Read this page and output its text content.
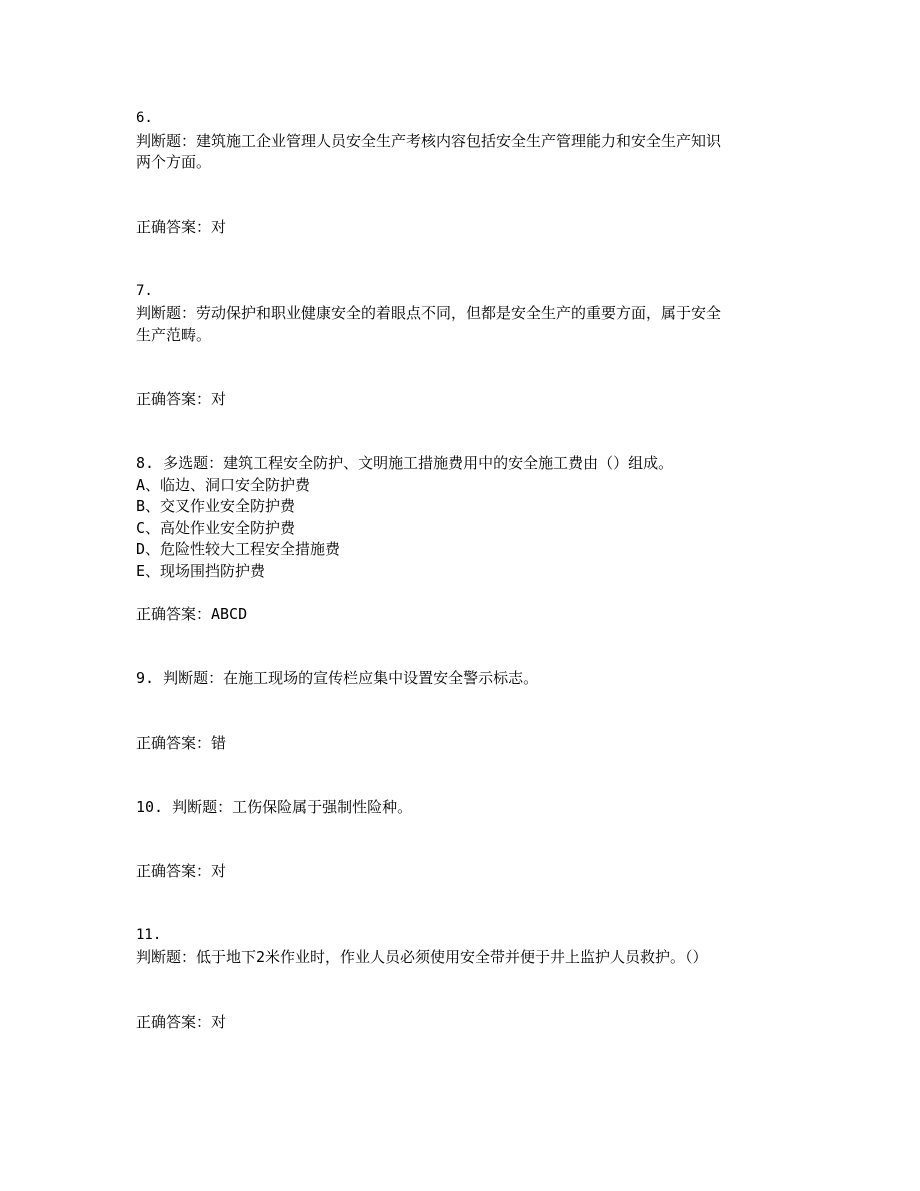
6.
判断题：建筑施工企业管理人员安全生产考核内容包括安全生产管理能力和安全生产知识
两个方面。
正确答案：对
7.
判断题：劳动保护和职业健康安全的着眼点不同，但都是安全生产的重要方面，属于安全
生产范畴。
正确答案：对
8. 多选题：建筑工程安全防护、文明施工措施费用中的安全施工费由（）组成。
A、临边、洞口安全防护费
B、交叉作业安全防护费
C、高处作业安全防护费
D、危险性较大工程安全措施费
E、现场围挡防护费
正确答案：ABCD
9. 判断题：在施工现场的宣传栏应集中设置安全警示标志。
正确答案：错
10. 判断题：工伤保险属于强制性险种。
正确答案：对
11.
判断题：低于地下2米作业时，作业人员必须使用安全带并便于井上监护人员救护。（）
正确答案：对
